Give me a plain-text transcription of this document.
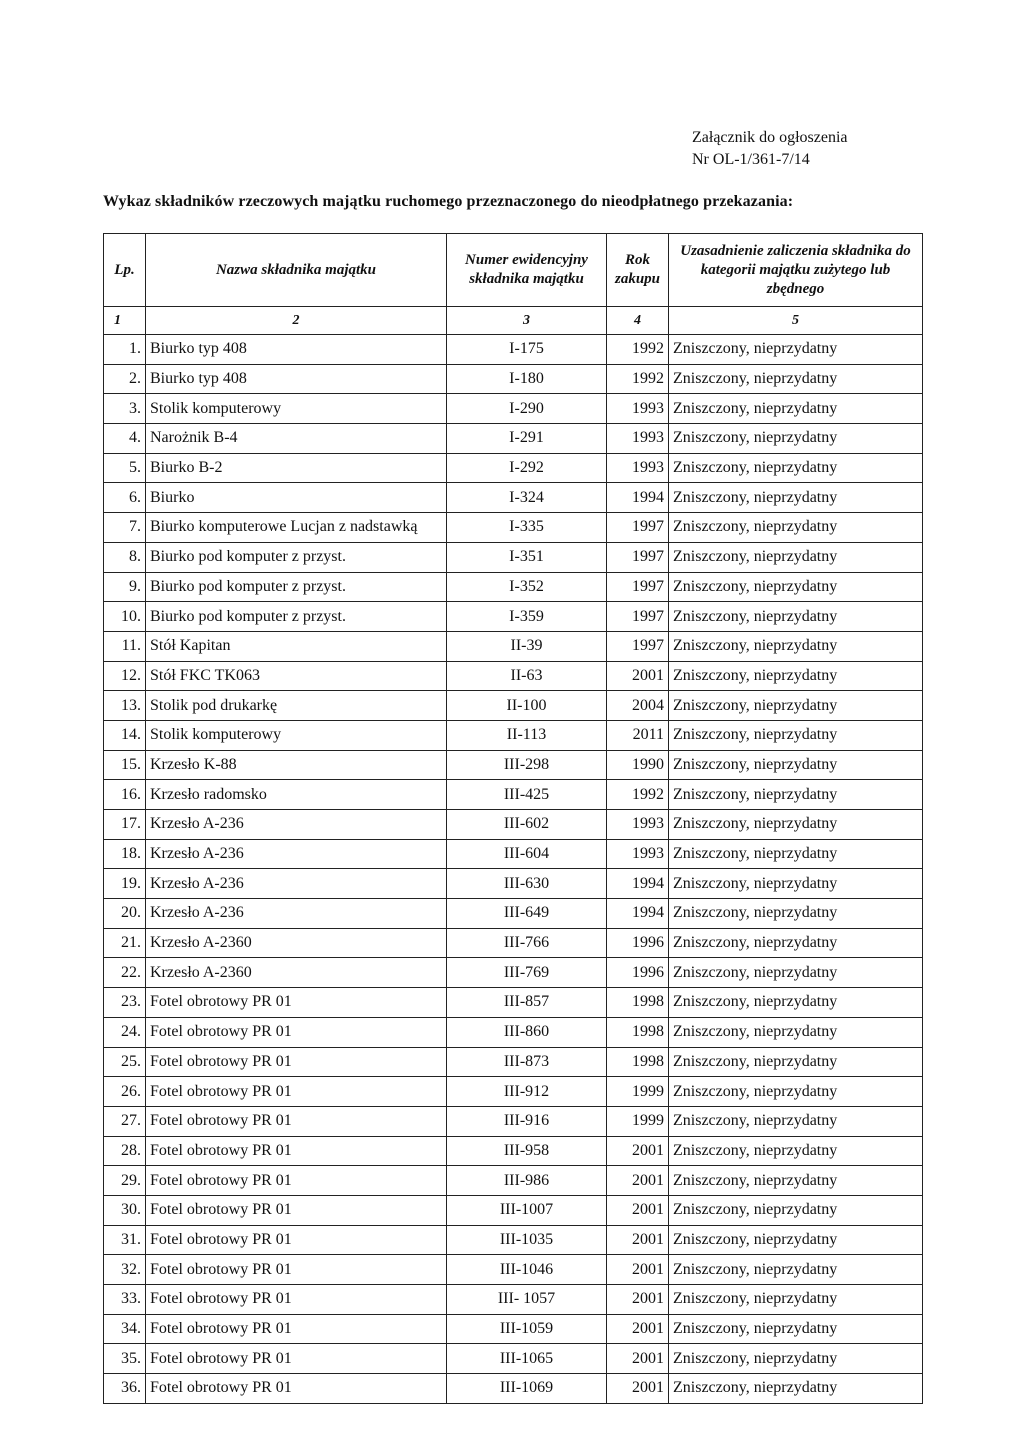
Załącznik do ogłoszenia
Nr OL-1/361-7/14
Wykaz składników rzeczowych majątku ruchomego przeznaczonego do nieodpłatnego przekazania:
Lp.	Nazwa składnika majątku	Numer ewidencyjny składnika majątku	Rok zakupu	Uzasadnienie zaliczenia składnika do kategorii majątku zużytego lub zbędnego
1	2	3	4	5
1.	Biurko typ 408	I-175	1992	Zniszczony, nieprzydatny
2.	Biurko typ 408	I-180	1992	Zniszczony, nieprzydatny
3.	Stolik komputerowy	I-290	1993	Zniszczony, nieprzydatny
4.	Narożnik B-4	I-291	1993	Zniszczony, nieprzydatny
5.	Biurko B-2	I-292	1993	Zniszczony, nieprzydatny
6.	Biurko	I-324	1994	Zniszczony, nieprzydatny
7.	Biurko komputerowe Lucjan z nadstawką	I-335	1997	Zniszczony, nieprzydatny
8.	Biurko pod komputer z przyst.	I-351	1997	Zniszczony, nieprzydatny
9.	Biurko pod komputer z przyst.	I-352	1997	Zniszczony, nieprzydatny
10.	Biurko pod komputer z przyst.	I-359	1997	Zniszczony, nieprzydatny
11.	Stół Kapitan	II-39	1997	Zniszczony, nieprzydatny
12.	Stół FKC TK063	II-63	2001	Zniszczony, nieprzydatny
13.	Stolik pod drukarkę	II-100	2004	Zniszczony, nieprzydatny
14.	Stolik komputerowy	II-113	2011	Zniszczony, nieprzydatny
15.	Krzesło K-88	III-298	1990	Zniszczony, nieprzydatny
16.	Krzesło radomsko	III-425	1992	Zniszczony, nieprzydatny
17.	Krzesło A-236	III-602	1993	Zniszczony, nieprzydatny
18.	Krzesło A-236	III-604	1993	Zniszczony, nieprzydatny
19.	Krzesło A-236	III-630	1994	Zniszczony, nieprzydatny
20.	Krzesło A-236	III-649	1994	Zniszczony, nieprzydatny
21.	Krzesło A-2360	III-766	1996	Zniszczony, nieprzydatny
22.	Krzesło A-2360	III-769	1996	Zniszczony, nieprzydatny
23.	Fotel obrotowy PR 01	III-857	1998	Zniszczony, nieprzydatny
24.	Fotel obrotowy PR 01	III-860	1998	Zniszczony, nieprzydatny
25.	Fotel obrotowy PR 01	III-873	1998	Zniszczony, nieprzydatny
26.	Fotel obrotowy PR 01	III-912	1999	Zniszczony, nieprzydatny
27.	Fotel obrotowy PR 01	III-916	1999	Zniszczony, nieprzydatny
28.	Fotel obrotowy PR 01	III-958	2001	Zniszczony, nieprzydatny
29.	Fotel obrotowy PR 01	III-986	2001	Zniszczony, nieprzydatny
30.	Fotel obrotowy PR 01	III-1007	2001	Zniszczony, nieprzydatny
31.	Fotel obrotowy PR 01	III-1035	2001	Zniszczony, nieprzydatny
32.	Fotel obrotowy PR 01	III-1046	2001	Zniszczony, nieprzydatny
33.	Fotel obrotowy PR 01	III- 1057	2001	Zniszczony, nieprzydatny
34.	Fotel obrotowy PR 01	III-1059	2001	Zniszczony, nieprzydatny
35.	Fotel obrotowy PR 01	III-1065	2001	Zniszczony, nieprzydatny
36.	Fotel obrotowy PR 01	III-1069	2001	Zniszczony, nieprzydatny
